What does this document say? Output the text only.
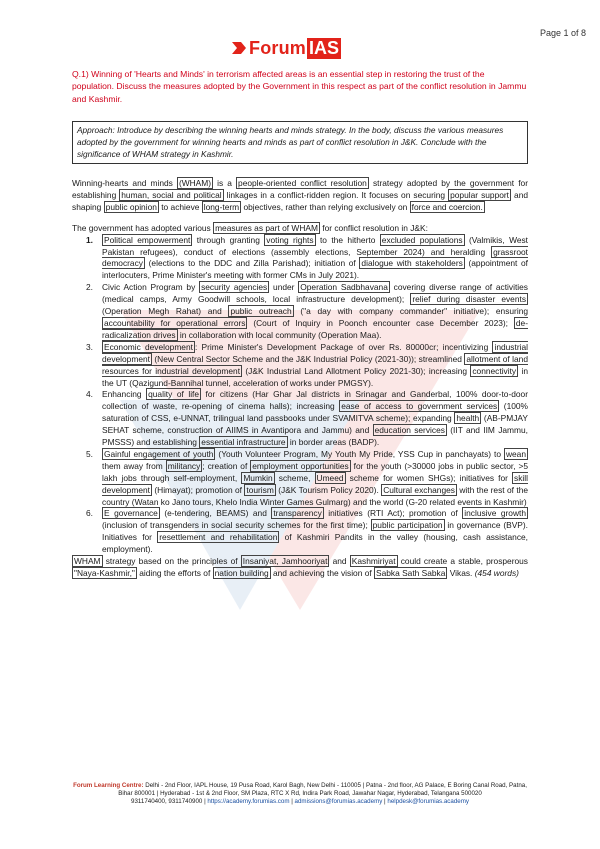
Page 1 of 8
Forum IAS
Q.1) Winning of 'Hearts and Minds' in terrorism affected areas is an essential step in restoring the trust of the population. Discuss the measures adopted by the Government in this respect as part of the conflict resolution in Jammu and Kashmir.
Approach: Introduce by describing the winning hearts and minds strategy. In the body, discuss the various measures adopted by the government for winning hearts and minds as part of conflict resolution in J&K. Conclude with the significance of WHAM strategy in Kashmir.

Winning-hearts and minds (WHAM) is a people-oriented conflict resolution strategy adopted by the government for establishing human, social and political linkages in a conflict-ridden region. It focuses on securing popular support and shaping public opinion to achieve long-term objectives, rather than relying exclusively on force and coercion.

The government has adopted various measures as part of WHAM for conflict resolution in J&K:

1. Political empowerment through granting voting rights to the hitherto excluded populations (Valmikis, West Pakistan refugees), conduct of elections (assembly elections, September 2024) and heralding grassroot democracy (elections to the DDC and Zilla Parishad); initiation of dialogue with stakeholders (appointment of interlocuters, Prime Minister's meeting with former CMs in July 2021).
2. Civic Action Program by security agencies under Operation Sadbhavana covering diverse range of activities (medical camps, Army Goodwill schools, local infrastructure development); relief during disaster events (Operation Megh Rahat) and public outreach ("a day with company commander" initiative); ensuring accountability for operational errors (Court of Inquiry in Poonch encounter case December 2023); de-radicalization drives in collaboration with local community (Operation Maa).
3. Economic development : Prime Minister's Development Package of over Rs. 80000cr; incentivizing industrial development (New Central Sector Scheme and the J&K Industrial Policy (2021-30)); streamlined allotment of land resources for industrial development (J&K Industrial Land Allotment Policy 2021-30); increasing connectivity in the UT (Qazigund-Bannihal tunnel, acceleration of works under PMGSY).
4. Enhancing quality of life for citizens (Har Ghar Jal districts in Srinagar and Ganderbal, 100% door-to-door collection of waste, re-opening of cinema halls); increasing ease of access to government services (100% saturation of CSS, e-UNNAT, trilingual land passbooks under SVAMITVA scheme); expanding health (AB-PMJAY SEHAT scheme, construction of AIIMS in Avantipora and Jammu) and education services (IIT and IIM Jammu, PMSSS) and establishing essential infrastructure in border areas (BADP).
5. Gainful engagement of youth (Youth Volunteer Program, My Youth My Pride, YSS Cup in panchayats) to wean them away from militancy ; creation of employment opportunities for the youth (>30000 jobs in public sector, >5 lakh jobs through self-employment, Mumkin scheme, Umeed scheme for women SHGs); initiatives for skill development (Himayat); promotion of tourism (J&K Tourism Policy 2020). Cultural exchanges with the rest of the country (Watan ko Jano tours, Khelo India Winter Games Gulmarg) and the world (G-20 related events in Kashmir)
6. E governance (e-tendering, BEAMS) and transparency initiatives (RTI Act); promotion of inclusive growth (inclusion of transgenders in social security schemes for the first time); public participation in governance (BVP). Initiatives for resettlement and rehabilitation of Kashmiri Pandits in the valley (housing, cash assistance, employment).

WHAM strategy based on the principles of Insaniyat, Jamhooriyat and Kashmiriyat could create a stable, prosperous "Naya-Kashmir," aiding the efforts of nation building and achieving the vision of Sabka Sath Sabka Vikas. (454 words)

Forum Learning Centre: Delhi - 2nd Floor, IAPL House, 19 Pusa Road, Karol Bagh, New Delhi - 110005 | Patna - 2nd floor, AG Palace, E Boring Canal Road, Patna, Bihar 800001 | Hyderabad - 1st & 2nd Floor, SM Plaza, RTC X Rd, Indira Park Road, Jawahar Nagar, Hyderabad, Telangana 500020
9311740400, 9311740900 | https://academy.forumias.com | admissions@forumias.academy | helpdesk@forumias.academy
